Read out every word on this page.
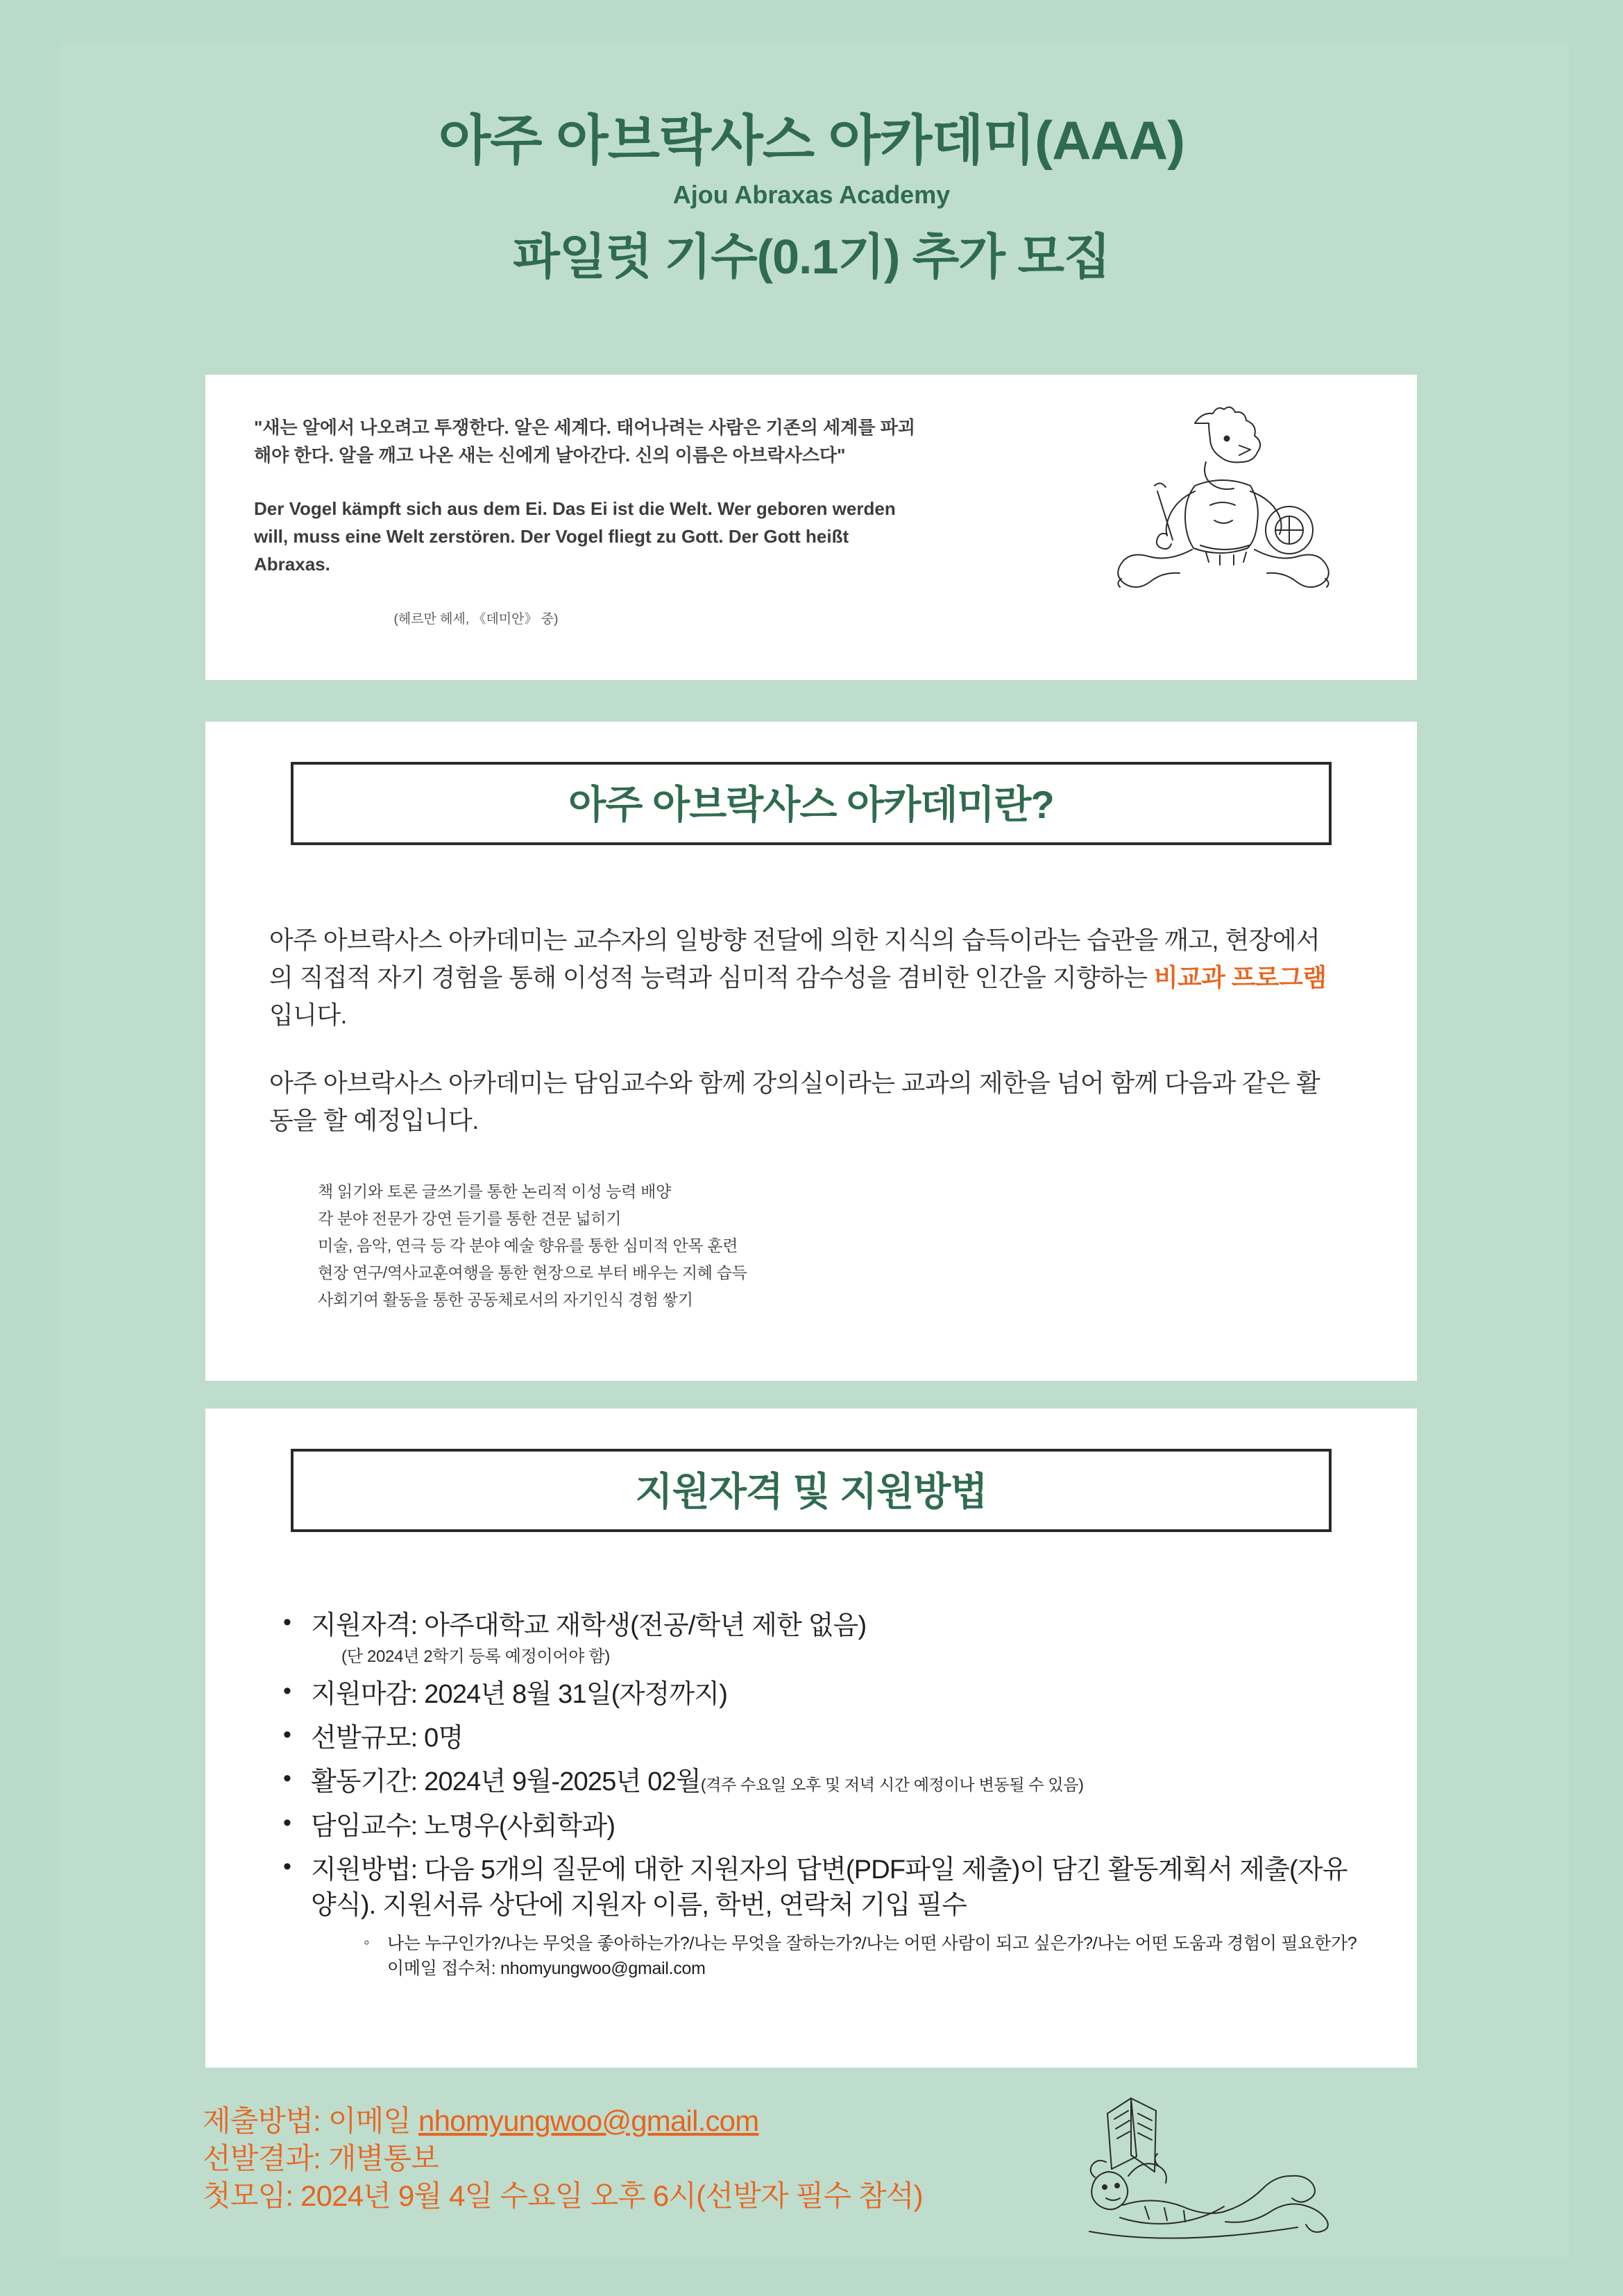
아주 아브락사스 아카데미(AAA)
Ajou Abraxas Academy
파일럿 기수(0.1기) 추가 모집
"새는 알에서 나오려고 투쟁한다. 알은 세계다. 태어나려는 사람은 기존의 세계를 파괴해야 한다. 알을 깨고 나온 새는 신에게 날아간다. 신의 이름은 아브락사스다"
Der Vogel kämpft sich aus dem Ei. Das Ei ist die Welt. Wer geboren werden will, muss eine Welt zerstören. Der Vogel fliegt zu Gott. Der Gott heißt Abraxas.
(헤르만 헤세, 《데미안》 중)
아주 아브락사스 아카데미란?
아주 아브락사스 아카데미는 교수자의 일방향 전달에 의한 지식의 습득이라는 습관을 깨고, 현장에서의 직접적 자기 경험을 통해 이성적 능력과 심미적 감수성을 겸비한 인간을 지향하는 비교과 프로그램입니다.
아주 아브락사스 아카데미는 담임교수와 함께 강의실이라는 교과의 제한을 넘어 함께 다음과 같은 활동을 할 예정입니다.
책 읽기와 토론 글쓰기를 통한 논리적 이성 능력 배양
각 분야 전문가 강연 듣기를 통한 견문 넓히기
미술, 음악, 연극 등 각 분야 예술 향유를 통한 심미적 안목 훈련
현장 연구/역사교훈여행을 통한 현장으로 부터 배우는 지혜 습득
사회기여 활동을 통한 공동체로서의 자기인식 경험 쌓기
지원자격 및 지원방법
• 지원자격: 아주대학교 재학생(전공/학년 제한 없음)
(단 2024년 2학기 등록 예정이어야 함)
• 지원마감: 2024년 8월 31일(자정까지)
• 선발규모: 0명
• 활동기간: 2024년 9월-2025년 02월(격주 수요일 오후 및 저녁 시간 예정이나 변동될 수 있음)
• 담임교수: 노명우(사회학과)
• 지원방법: 다음 5개의 질문에 대한 지원자의 답변(PDF파일 제출)이 담긴 활동계획서 제출(자유양식). 지원서류 상단에 지원자 이름, 학번, 연락처 기입 필수
◦ 나는 누구인가?/나는 무엇을 좋아하는가?/나는 무엇을 잘하는가?/나는 어떤 사람이 되고 싶은가?/나는 어떤 도움과 경험이 필요한가? 이메일 접수처: nhomyungwoo@gmail.com
제출방법: 이메일 nhomyungwoo@gmail.com
선발결과: 개별통보
첫모임: 2024년 9월 4일 수요일 오후 6시(선발자 필수 참석)
